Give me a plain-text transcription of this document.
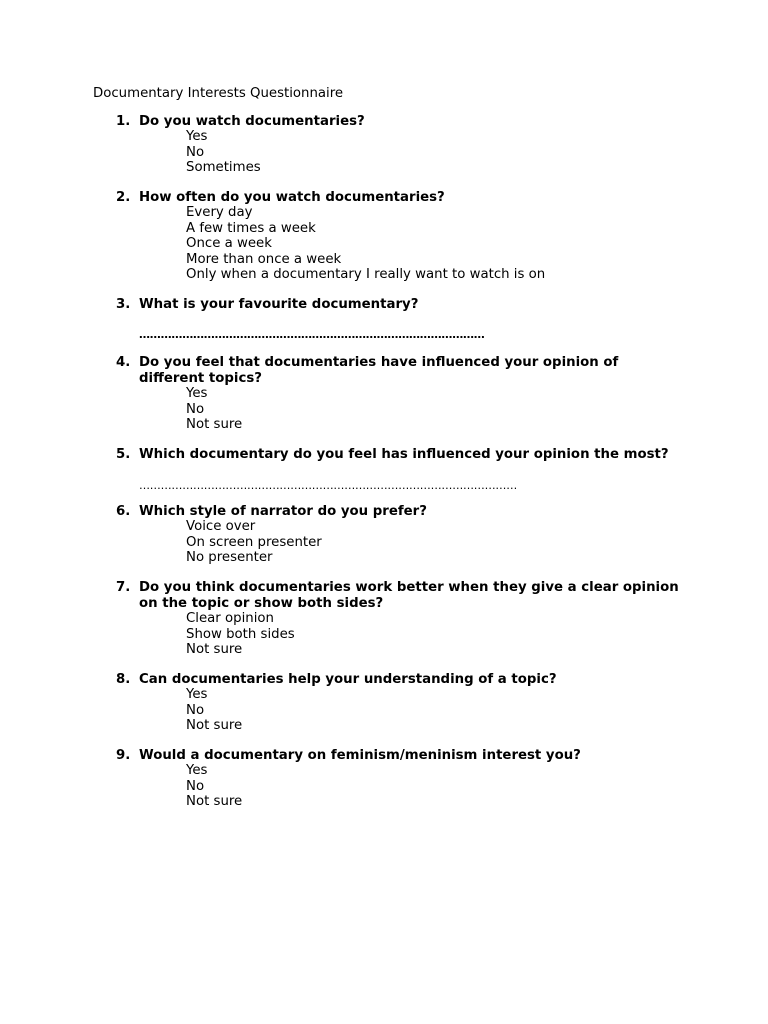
Documentary Interests Questionnaire
1. Do you watch documentaries?
Yes
No
Sometimes
2. How often do you watch documentaries?
Every day
A few times a week
Once a week
More than once a week
Only when a documentary I really want to watch is on
3. What is your favourite documentary?
……………………………………………………………………………………
4. Do you feel that documentaries have influenced your opinion of different topics?
Yes
No
Not sure
5. Which documentary do you feel has influenced your opinion the most?
……………………………………………………………………………………………
6. Which style of narrator do you prefer?
Voice over
On screen presenter
No presenter
7. Do you think documentaries work better when they give a clear opinion on the topic or show both sides?
Clear opinion
Show both sides
Not sure
8. Can documentaries help your understanding of a topic?
Yes
No
Not sure
9. Would a documentary on feminism/meninism interest you?
Yes
No
Not sure
